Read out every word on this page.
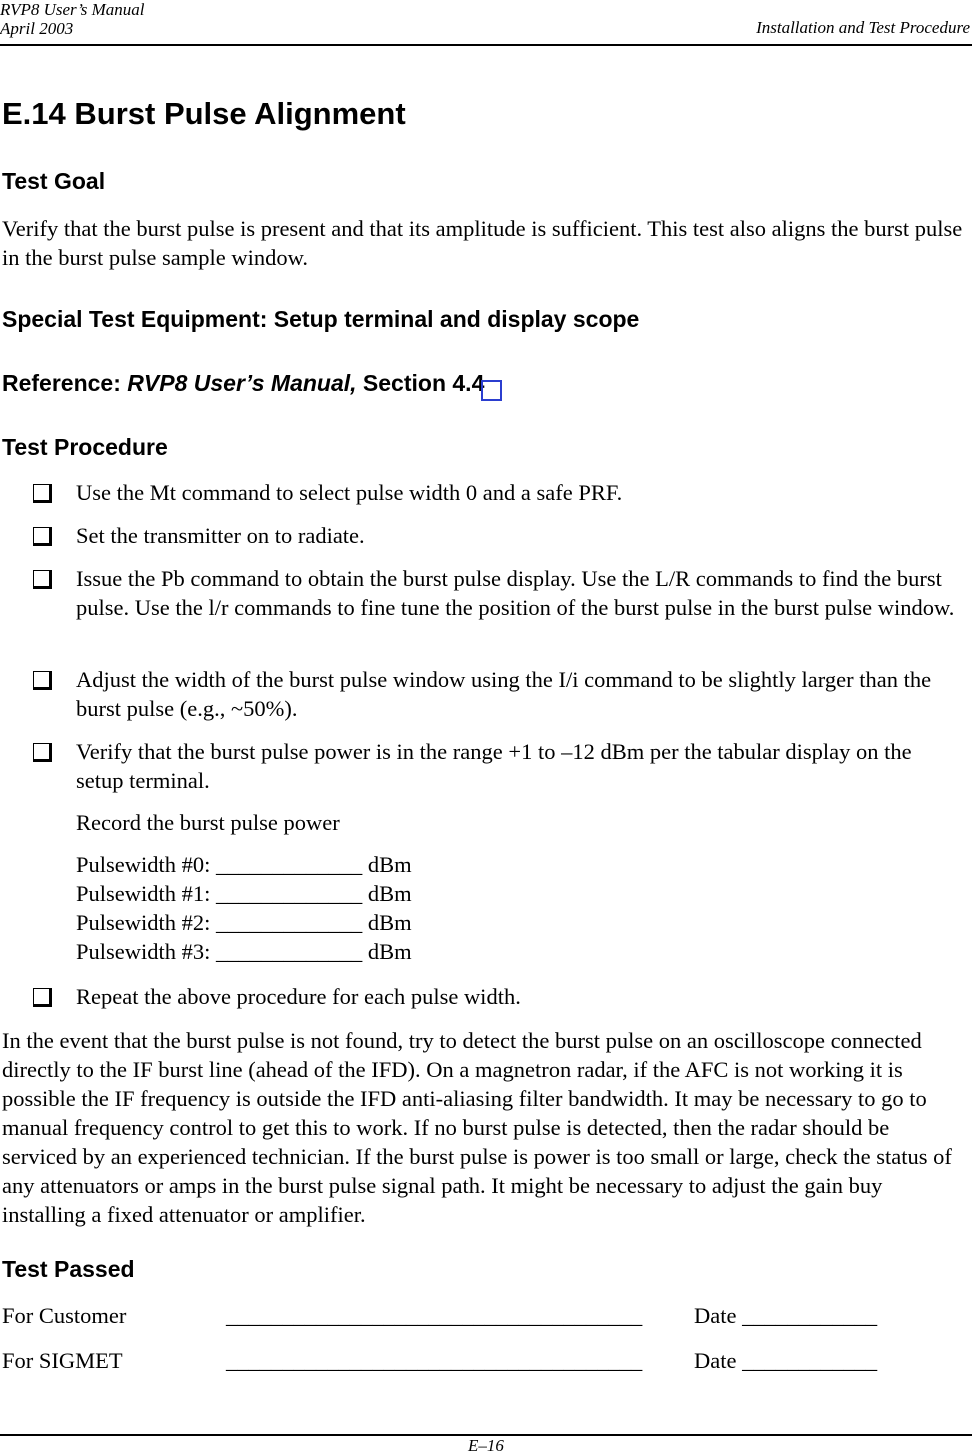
RVP8 User’s Manual
April 2003	Installation and Test Procedure
E.14 Burst Pulse Alignment
Test Goal
Verify that the burst pulse is present and that its amplitude is sufficient. This test also aligns the burst pulse in the burst pulse sample window.
Special Test Equipment: Setup terminal and display scope
Reference: RVP8 User’s Manual, Section 4.4
Test Procedure
Use the Mt command to select pulse width 0 and a safe PRF.
Set the transmitter on to radiate.
Issue the Pb command to obtain the burst pulse display. Use the L/R commands to find the burst pulse. Use the l/r commands to fine tune the position of the burst pulse in the burst pulse window.
Adjust the width of the burst pulse window using the I/i command to be slightly larger than the burst pulse (e.g., ~50%).
Verify that the burst pulse power is in the range +1 to –12 dBm per the tabular display on the setup terminal.
Record the burst pulse power
Pulsewidth #0: _____________ dBm
Pulsewidth #1: _____________ dBm
Pulsewidth #2: _____________ dBm
Pulsewidth #3: _____________ dBm
Repeat the above procedure for each pulse width.
In the event that the burst pulse is not found, try to detect the burst pulse on an oscilloscope connected directly to the IF burst line (ahead of the IFD). On a magnetron radar, if the AFC is not working it is possible the IF frequency is outside the IFD anti-aliasing filter bandwidth. It may be necessary to go to manual frequency control to get this to work. If no burst pulse is detected, then the radar should be serviced by an experienced technician. If the burst pulse is power is too small or large, check the status of any attenuators or amps in the burst pulse signal path. It might be necessary to adjust the gain buy installing a fixed attenuator or amplifier.
Test Passed
For Customer	_____________________________________ Date ____________
For SIGMET	_____________________________________ Date ____________
E–16
